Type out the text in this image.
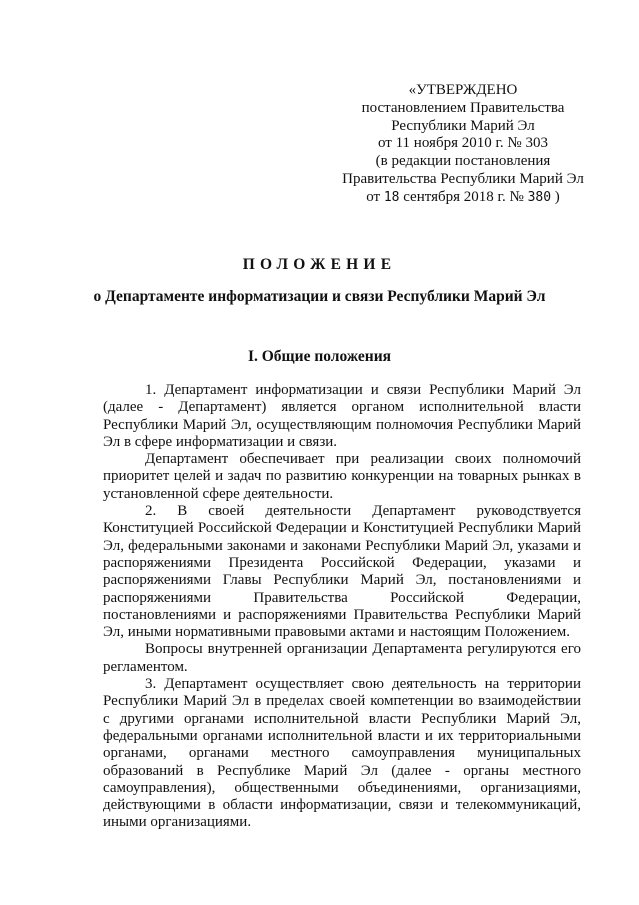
«УТВЕРЖДЕНО
постановлением Правительства
Республики Марий Эл
от 11 ноября 2010 г. № 303
(в редакции постановления
Правительства Республики Марий Эл
от 18 сентября 2018 г. № 380 )
ПОЛОЖЕНИЕ
о Департаменте информатизации и связи Республики Марий Эл
I. Общие положения

1. Департамент информатизации и связи Республики Марий Эл (далее - Департамент) является органом исполнительной власти Республики Марий Эл, осуществляющим полномочия Республики Марий Эл в сфере информатизации и связи.

Департамент обеспечивает при реализации своих полномочий приоритет целей и задач по развитию конкуренции на товарных рынках в установленной сфере деятельности.

2. В своей деятельности Департамент руководствуется Конституцией Российской Федерации и Конституцией Республики Марий Эл, федеральными законами и законами Республики Марий Эл, указами и распоряжениями Президента Российской Федерации, указами и распоряжениями Главы Республики Марий Эл, постановлениями и распоряжениями Правительства Российской Федерации, постановлениями и распоряжениями Правительства Республики Марий Эл, иными нормативными правовыми актами и настоящим Положением.

Вопросы внутренней организации Департамента регулируются его регламентом.

3. Департамент осуществляет свою деятельность на территории Республики Марий Эл в пределах своей компетенции во взаимодействии с другими органами исполнительной власти Республики Марий Эл, федеральными органами исполнительной власти и их территориальными органами, органами местного самоуправления муниципальных образований в Республике Марий Эл (далее - органы местного самоуправления), общественными объединениями, организациями, действующими в области информатизации, связи и телекоммуникаций, иными организациями.
